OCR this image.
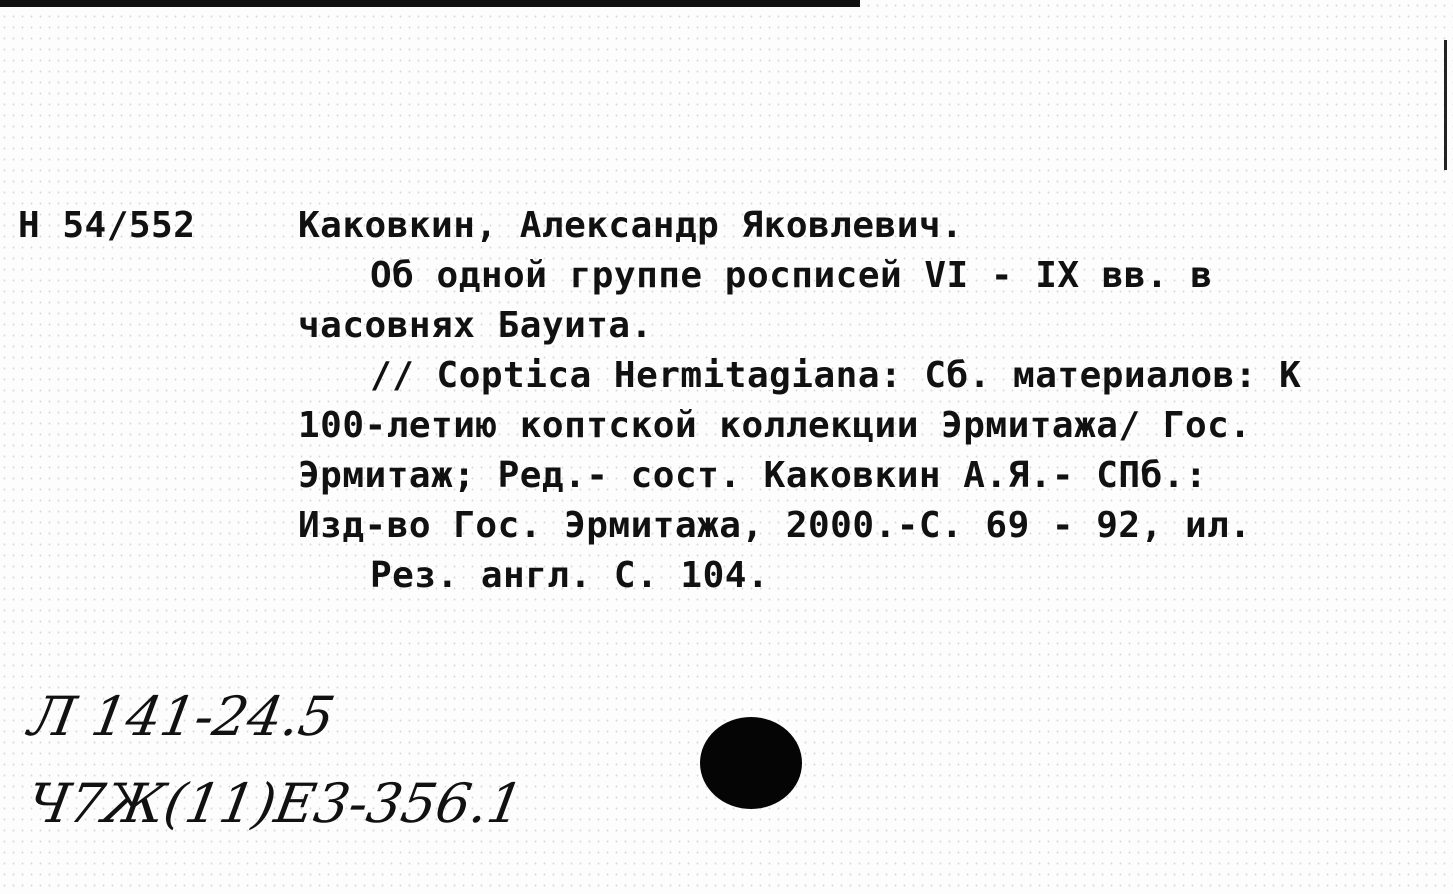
Н 54/552	Каковкин, Александр Яковлевич.
Об одной группе росписей VI - IX вв. в
часовнях Бауита.
// Coptica Hermitagiana: Сб. материалов: К
100-летию коптской коллекции Эрмитажа/ Гос.
Эрмитаж; Ред.- сост. Каковкин А.Я.- СПб.:
Изд-во Гос. Эрмитажа, 2000.-С. 69 - 92, ил.
Рез. англ. С. 104.
Л 141-24.5
Ч7Ж(11)Е3-356.1
